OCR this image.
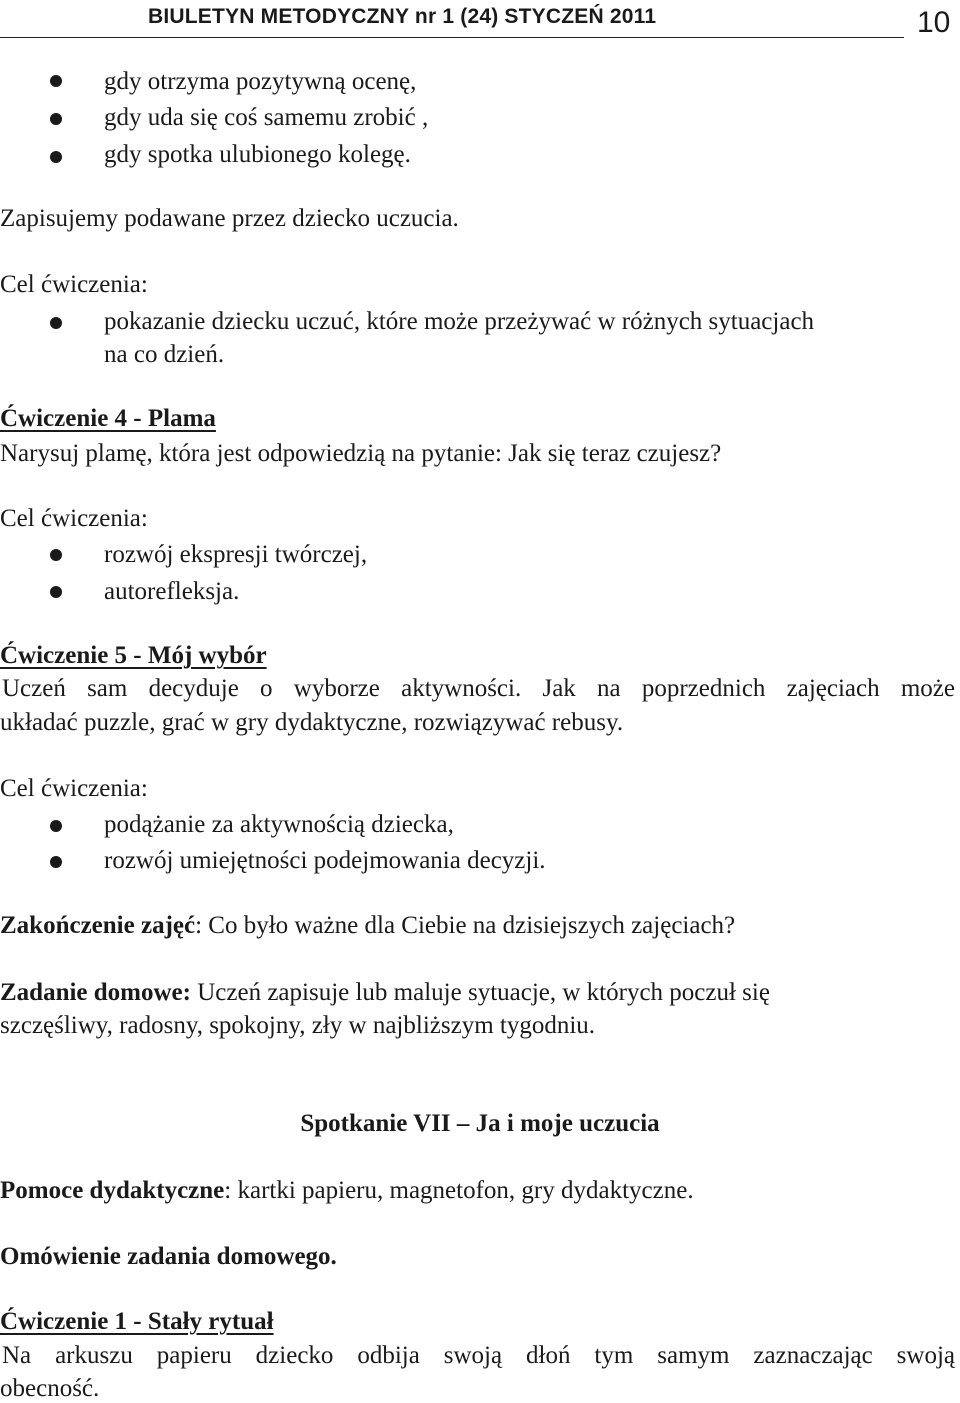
BIULETYN METODYCZNY nr 1 (24) STYCZEŃ 2011	10
gdy otrzyma pozytywną ocenę,
gdy uda się coś samemu zrobić ,
gdy spotka ulubionego kolegę.
Zapisujemy podawane przez dziecko uczucia.
Cel ćwiczenia:
pokazanie dziecku uczuć, które może przeżywać w różnych sytuacjach
na co dzień.
Ćwiczenie 4 - Plama
Narysuj plamę, która jest odpowiedzią na pytanie: Jak się teraz czujesz?
Cel ćwiczenia:
rozwój ekspresji twórczej,
autorefleksja.
Ćwiczenie 5 - Mój wybór
Uczeń sam decyduje o wyborze aktywności. Jak na poprzednich zajęciach może
układać puzzle, grać w gry dydaktyczne, rozwiązywać rebusy.
Cel ćwiczenia:
podążanie za aktywnością dziecka,
rozwój umiejętności podejmowania decyzji.
Zakończenie zajęć: Co było ważne dla Ciebie na dzisiejszych zajęciach?
Zadanie domowe: Uczeń zapisuje lub maluje sytuacje, w których poczuł się
szczęśliwy, radosny, spokojny, zły w najbliższym tygodniu.
Spotkanie VII – Ja i moje uczucia
Pomoce dydaktyczne: kartki papieru, magnetofon, gry dydaktyczne.
Omówienie zadania domowego.
Ćwiczenie 1 - Stały rytuał
Na arkuszu papieru dziecko odbija swoją dłoń tym samym zaznaczając swoją
obecność.
